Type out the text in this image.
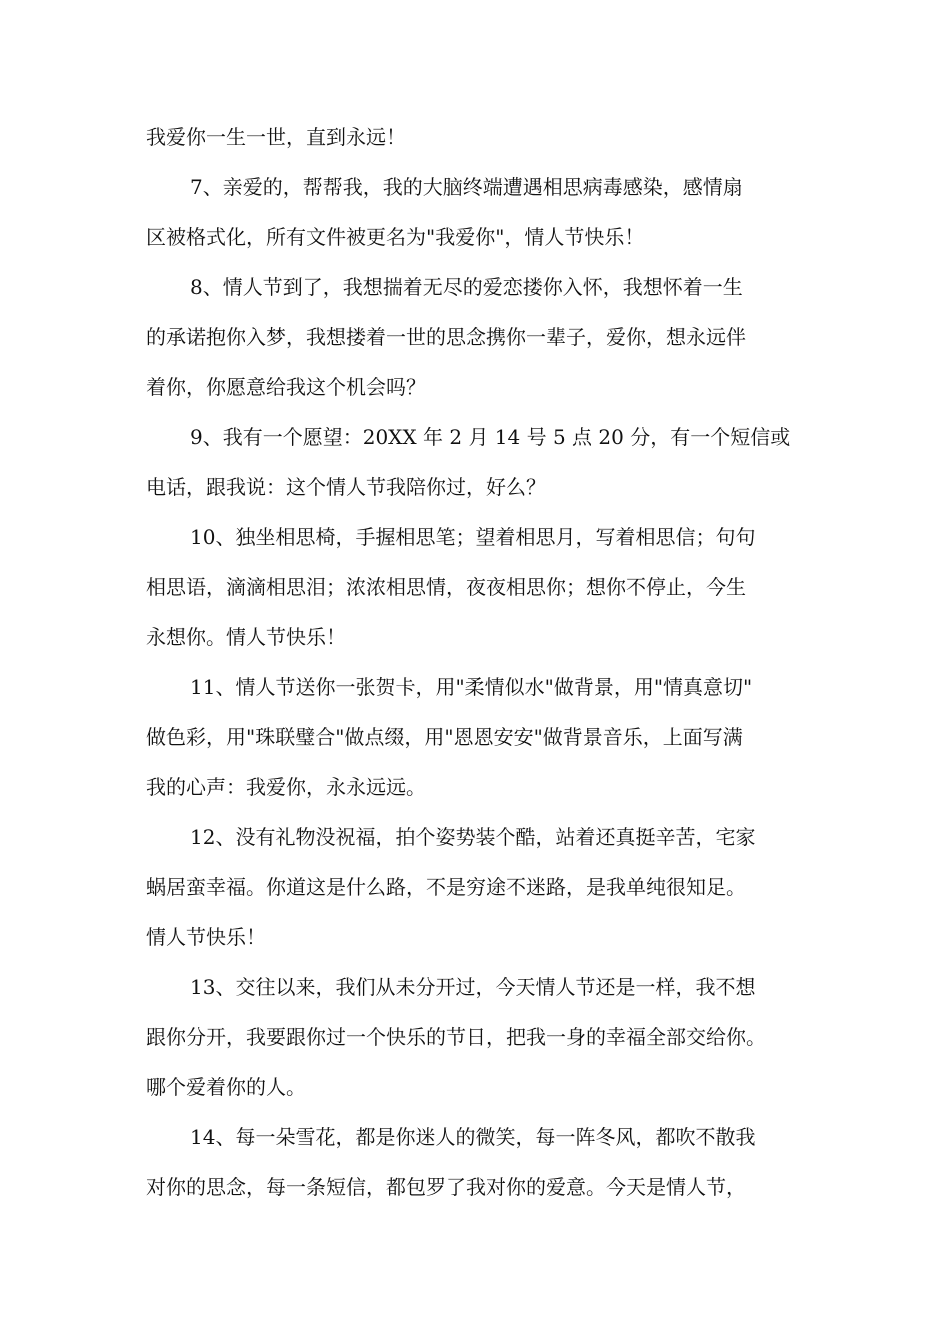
我爱你一生一世，直到永远！
7、亲爱的，帮帮我，我的大脑终端遭遇相思病毒感染，感情扇
区被格式化，所有文件被更名为"我爱你"，情人节快乐！
8、情人节到了，我想揣着无尽的爱恋搂你入怀，我想怀着一生
的承诺抱你入梦，我想搂着一世的思念携你一辈子，爱你，想永远伴
着你，你愿意给我这个机会吗？
9、我有一个愿望：20XX 年 2 月 14 号 5 点 20 分，有一个短信或
电话，跟我说：这个情人节我陪你过，好么？
10、独坐相思椅，手握相思笔；望着相思月，写着相思信；句句
相思语，滴滴相思泪；浓浓相思情，夜夜相思你；想你不停止，今生
永想你。情人节快乐！
11、情人节送你一张贺卡，用"柔情似水"做背景，用"情真意切"
做色彩，用"珠联璧合"做点缀，用"恩恩安安"做背景音乐，上面写满
我的心声：我爱你，永永远远。
12、没有礼物没祝福，拍个姿势装个酷，站着还真挺辛苦，宅家
蜗居蛮幸福。你道这是什么路，不是穷途不迷路，是我单纯很知足。
情人节快乐！
13、交往以来，我们从未分开过，今天情人节还是一样，我不想
跟你分开，我要跟你过一个快乐的节日，把我一身的幸福全部交给你。
哪个爱着你的人。
14、每一朵雪花，都是你迷人的微笑，每一阵冬风，都吹不散我
对你的思念，每一条短信，都包罗了我对你的爱意。今天是情人节，
